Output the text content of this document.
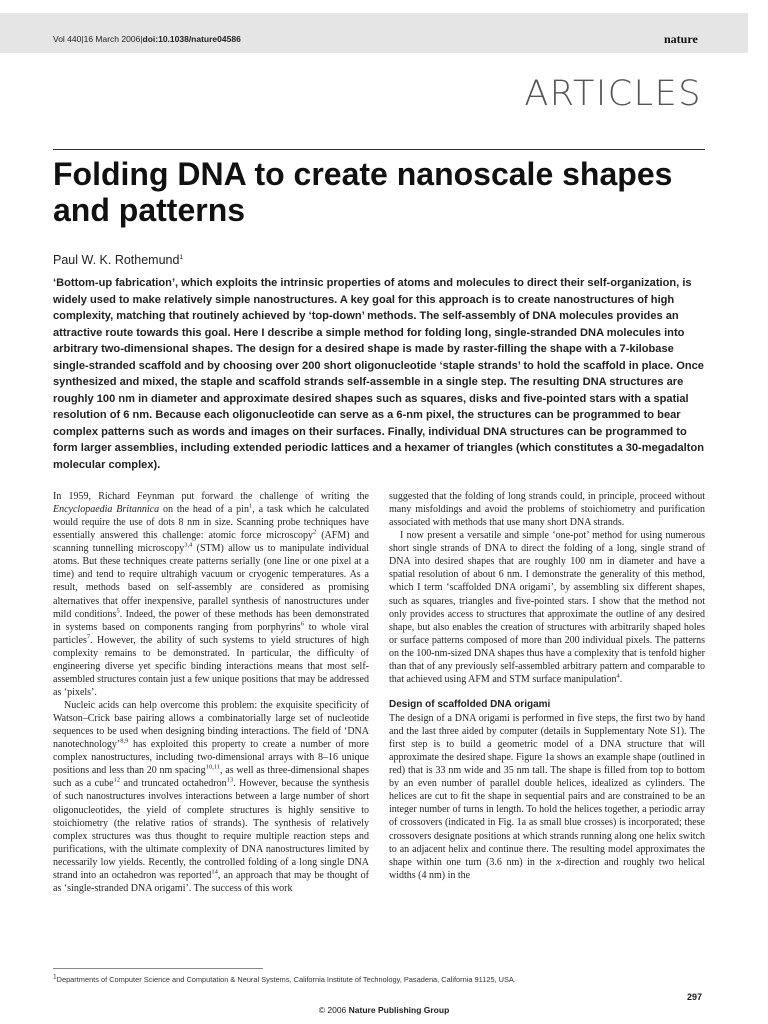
Vol 440|16 March 2006|doi:10.1038/nature04586	nature
ARTICLES
Folding DNA to create nanoscale shapes and patterns
Paul W. K. Rothemund$^1$

‘Bottom-up fabrication’, which exploits the intrinsic properties of atoms and molecules to direct their self-organization, is widely used to make relatively simple nanostructures. A key goal for this approach is to create nanostructures of high complexity, matching that routinely achieved by ‘top-down’ methods. The self-assembly of DNA molecules provides an attractive route towards this goal. Here I describe a simple method for folding long, single-stranded DNA molecules into arbitrary two-dimensional shapes. The design for a desired shape is made by raster-filling the shape with a 7-kilobase single-stranded scaffold and by choosing over 200 short oligonucleotide ‘staple strands’ to hold the scaffold in place. Once synthesized and mixed, the staple and scaffold strands self-assemble in a single step. The resulting DNA structures are roughly 100 nm in diameter and approximate desired shapes such as squares, disks and five-pointed stars with a spatial resolution of 6 nm. Because each oligonucleotide can serve as a 6-nm pixel, the structures can be programmed to bear complex patterns such as words and images on their surfaces. Finally, individual DNA structures can be programmed to form larger assemblies, including extended periodic lattices and a hexamer of triangles (which constitutes a 30-megadalton molecular complex).

In 1959, Richard Feynman put forward the challenge of writing the Encyclopaedia Britannica on the head of a pin$^1$, a task which he calculated would require the use of dots 8 nm in size. Scanning probe techniques have essentially answered this challenge: atomic force microscopy$^2$ (AFM) and scanning tunnelling microscopy$^{3,4}$ (STM) allow us to manipulate individual atoms. But these techniques create patterns serially (one line or one pixel at a time) and tend to require ultrahigh vacuum or cryogenic temperatures. As a result, methods based on self-assembly are considered as promising alternatives that offer inexpensive, parallel synthesis of nanostructures under mild conditions$^5$. Indeed, the power of these methods has been demonstrated in systems based on components ranging from porphyrins$^6$ to whole viral particles$^7$. However, the ability of such systems to yield structures of high complexity remains to be demonstrated. In particular, the difficulty of engineering diverse yet specific binding interactions means that most self-assembled structures contain just a few unique positions that may be addressed as ‘pixels’.

Nucleic acids can help overcome this problem: the exquisite specificity of Watson–Crick base pairing allows a combinatorially large set of nucleotide sequences to be used when designing binding interactions. The field of ‘DNA nanotechnology’$^{8,9}$ has exploited this property to create a number of more complex nanostructures, including two-dimensional arrays with 8–16 unique positions and less than 20 nm spacing$^{10,11}$, as well as three-dimensional shapes such as a cube$^{12}$ and truncated octahedron$^{13}$. However, because the synthesis of such nanostructures involves interactions between a large number of short oligonucleotides, the yield of complete structures is highly sensitive to stoichiometry (the relative ratios of strands). The synthesis of relatively complex structures was thus thought to require multiple reaction steps and purifications, with the ultimate complexity of DNA nanostructures limited by necessarily low yields. Recently, the controlled folding of a long single DNA strand into an octahedron was reported$^{14}$, an approach that may be thought of as ‘single-stranded DNA origami’. The success of this work

suggested that the folding of long strands could, in principle, proceed without many misfoldings and avoid the problems of stoichiometry and purification associated with methods that use many short DNA strands.

I now present a versatile and simple ‘one-pot’ method for using numerous short single strands of DNA to direct the folding of a long, single strand of DNA into desired shapes that are roughly 100 nm in diameter and have a spatial resolution of about 6 nm. I demonstrate the generality of this method, which I term ‘scaffolded DNA origami’, by assembling six different shapes, such as squares, triangles and five-pointed stars. I show that the method not only provides access to structures that approximate the outline of any desired shape, but also enables the creation of structures with arbitrarily shaped holes or surface patterns composed of more than 200 individual pixels. The patterns on the 100-nm-sized DNA shapes thus have a complexity that is tenfold higher than that of any previously self-assembled arbitrary pattern and comparable to that achieved using AFM and STM surface manipulation$^4$.

Design of scaffolded DNA origami

The design of a DNA origami is performed in five steps, the first two by hand and the last three aided by computer (details in Supplementary Note S1). The first step is to build a geometric model of a DNA structure that will approximate the desired shape. Figure 1a shows an example shape (outlined in red) that is 33 nm wide and 35 nm tall. The shape is filled from top to bottom by an even number of parallel double helices, idealized as cylinders. The helices are cut to fit the shape in sequential pairs and are constrained to be an integer number of turns in length. To hold the helices together, a periodic array of crossovers (indicated in Fig. 1a as small blue crosses) is incorporated; these crossovers designate positions at which strands running along one helix switch to an adjacent helix and continue there. The resulting model approximates the shape within one turn (3.6 nm) in the x-direction and roughly two helical widths (4 nm) in the

$^1$Departments of Computer Science and Computation & Neural Systems, California Institute of Technology, Pasadena, California 91125, USA.
297
© 2006 Nature Publishing Group
